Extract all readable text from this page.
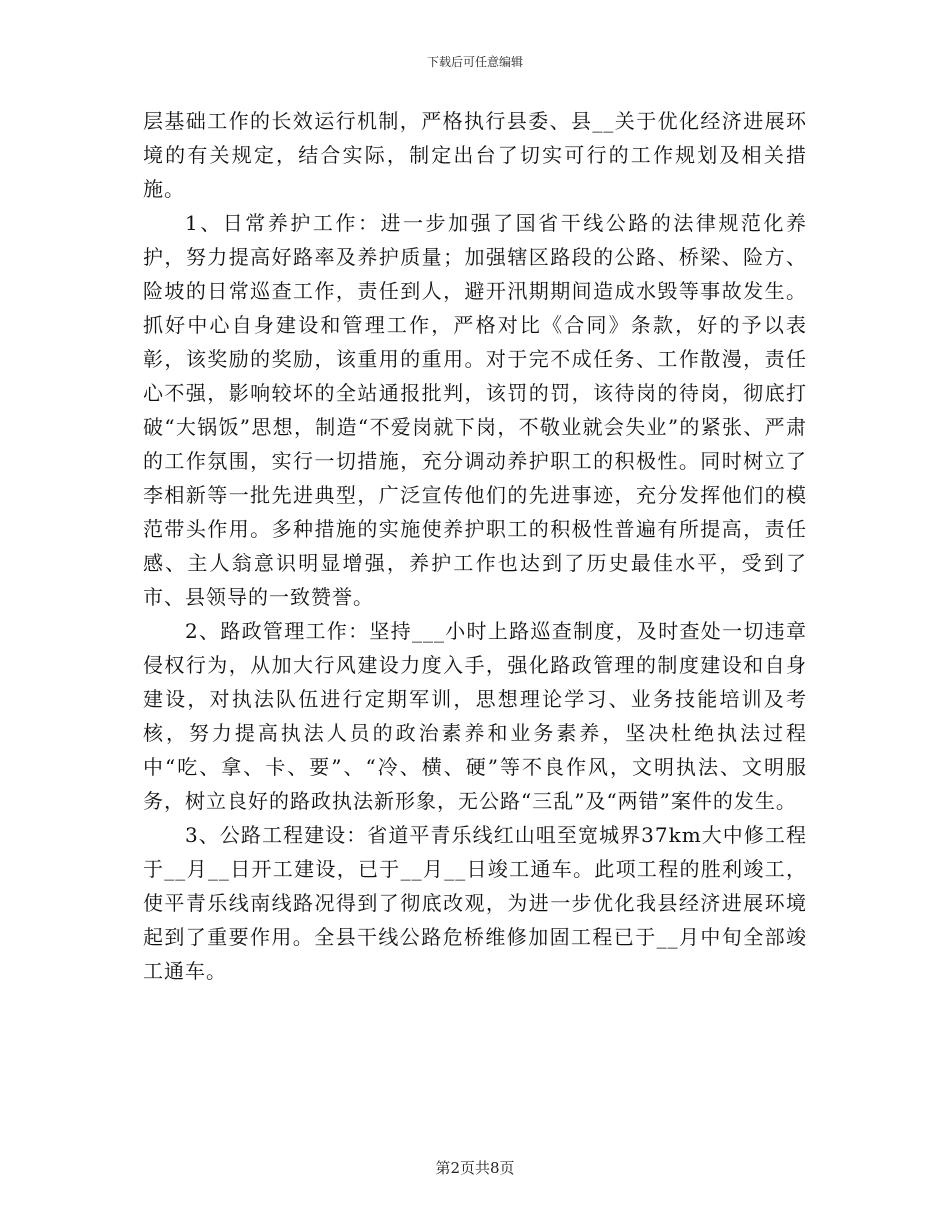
下载后可任意编辑

层基础工作的长效运行机制，严格执行县委、县__关于优化经济进展环境的有关规定，结合实际，制定出台了切实可行的工作规划及相关措施。

1、日常养护工作：进一步加强了国省干线公路的法律规范化养护，努力提高好路率及养护质量；加强辖区路段的公路、桥梁、险方、险坡的日常巡查工作，责任到人，避开汛期期间造成水毁等事故发生。抓好中心自身建设和管理工作，严格对比《合同》条款，好的予以表彰，该奖励的奖励，该重用的重用。对于完不成任务、工作散漫，责任心不强，影响较坏的全站通报批判，该罚的罚，该待岗的待岗，彻底打破“大锅饭”思想，制造“不爱岗就下岗，不敬业就会失业”的紧张、严肃的工作氛围，实行一切措施，充分调动养护职工的积极性。同时树立了李相新等一批先进典型，广泛宣传他们的先进事迹，充分发挥他们的模范带头作用。多种措施的实施使养护职工的积极性普遍有所提高，责任感、主人翁意识明显增强，养护工作也达到了历史最佳水平，受到了市、县领导的一致赞誉。

2、路政管理工作：坚持___小时上路巡查制度，及时查处一切违章侵权行为，从加大行风建设力度入手，强化路政管理的制度建设和自身建设，对执法队伍进行定期军训，思想理论学习、业务技能培训及考核，努力提高执法人员的政治素养和业务素养，坚决杜绝执法过程中“吃、拿、卡、要”、“冷、横、硬”等不良作风，文明执法、文明服务，树立良好的路政执法新形象，无公路“三乱”及“两错”案件的发生。

3、公路工程建设：省道平青乐线红山咀至宽城界37km大中修工程于__月__日开工建设，已于__月__日竣工通车。此项工程的胜利竣工，使平青乐线南线路况得到了彻底改观，为进一步优化我县经济进展环境起到了重要作用。全县干线公路危桥维修加固工程已于__月中旬全部竣工通车。

第2页共8页
